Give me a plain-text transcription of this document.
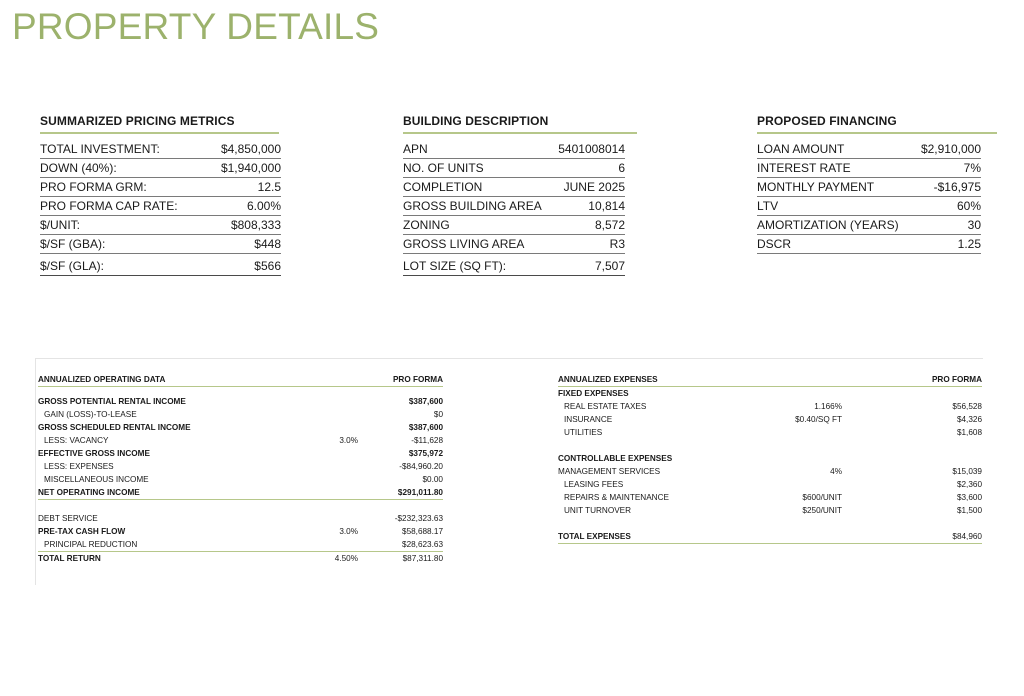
PROPERTY DETAILS
SUMMARIZED PRICING METRICS
TOTAL INVESTMENT:	$4,850,000
DOWN (40%):	$1,940,000
PRO FORMA GRM:	12.5
PRO FORMA CAP RATE:	6.00%
$/UNIT:	$808,333
$/SF (GBA):	$448
$/SF (GLA):	$566
BUILDING DESCRIPTION
APN	5401008014
NO. OF UNITS	6
COMPLETION	JUNE 2025
GROSS BUILDING AREA	10,814
ZONING	8,572
GROSS LIVING AREA	R3
LOT SIZE (SQ FT):	7,507
PROPOSED FINANCING
LOAN AMOUNT	$2,910,000
INTEREST RATE	7%
MONTHLY PAYMENT	-$16,975
LTV	60%
AMORTIZATION (YEARS)	30
DSCR	1.25
ANNUALIZED OPERATING DATA	PRO FORMA
GROSS POTENTIAL RENTAL INCOME	$387,600
GAIN (LOSS)-TO-LEASE	$0
GROSS SCHEDULED RENTAL INCOME	$387,600
LESS: VACANCY	3.0%	-$11,628
EFFECTIVE GROSS INCOME	$375,972
LESS: EXPENSES	-$84,960.20
MISCELLANEOUS INCOME	$0.00
NET OPERATING INCOME	$291,011.80
DEBT SERVICE	-$232,323.63
PRE-TAX CASH FLOW	3.0%	$58,688.17
PRINCIPAL REDUCTION	$28,623.63
TOTAL RETURN	4.50%	$87,311.80
ANNUALIZED EXPENSES	PRO FORMA
FIXED EXPENSES
REAL ESTATE TAXES	1.166%	$56,528
INSURANCE	$0.40/SQ FT	$4,326
UTILITIES	$1,608
CONTROLLABLE EXPENSES
MANAGEMENT SERVICES	4%	$15,039
LEASING FEES	$2,360
REPAIRS & MAINTENANCE	$600/UNIT	$3,600
UNIT TURNOVER	$250/UNIT	$1,500
TOTAL EXPENSES	$84,960
